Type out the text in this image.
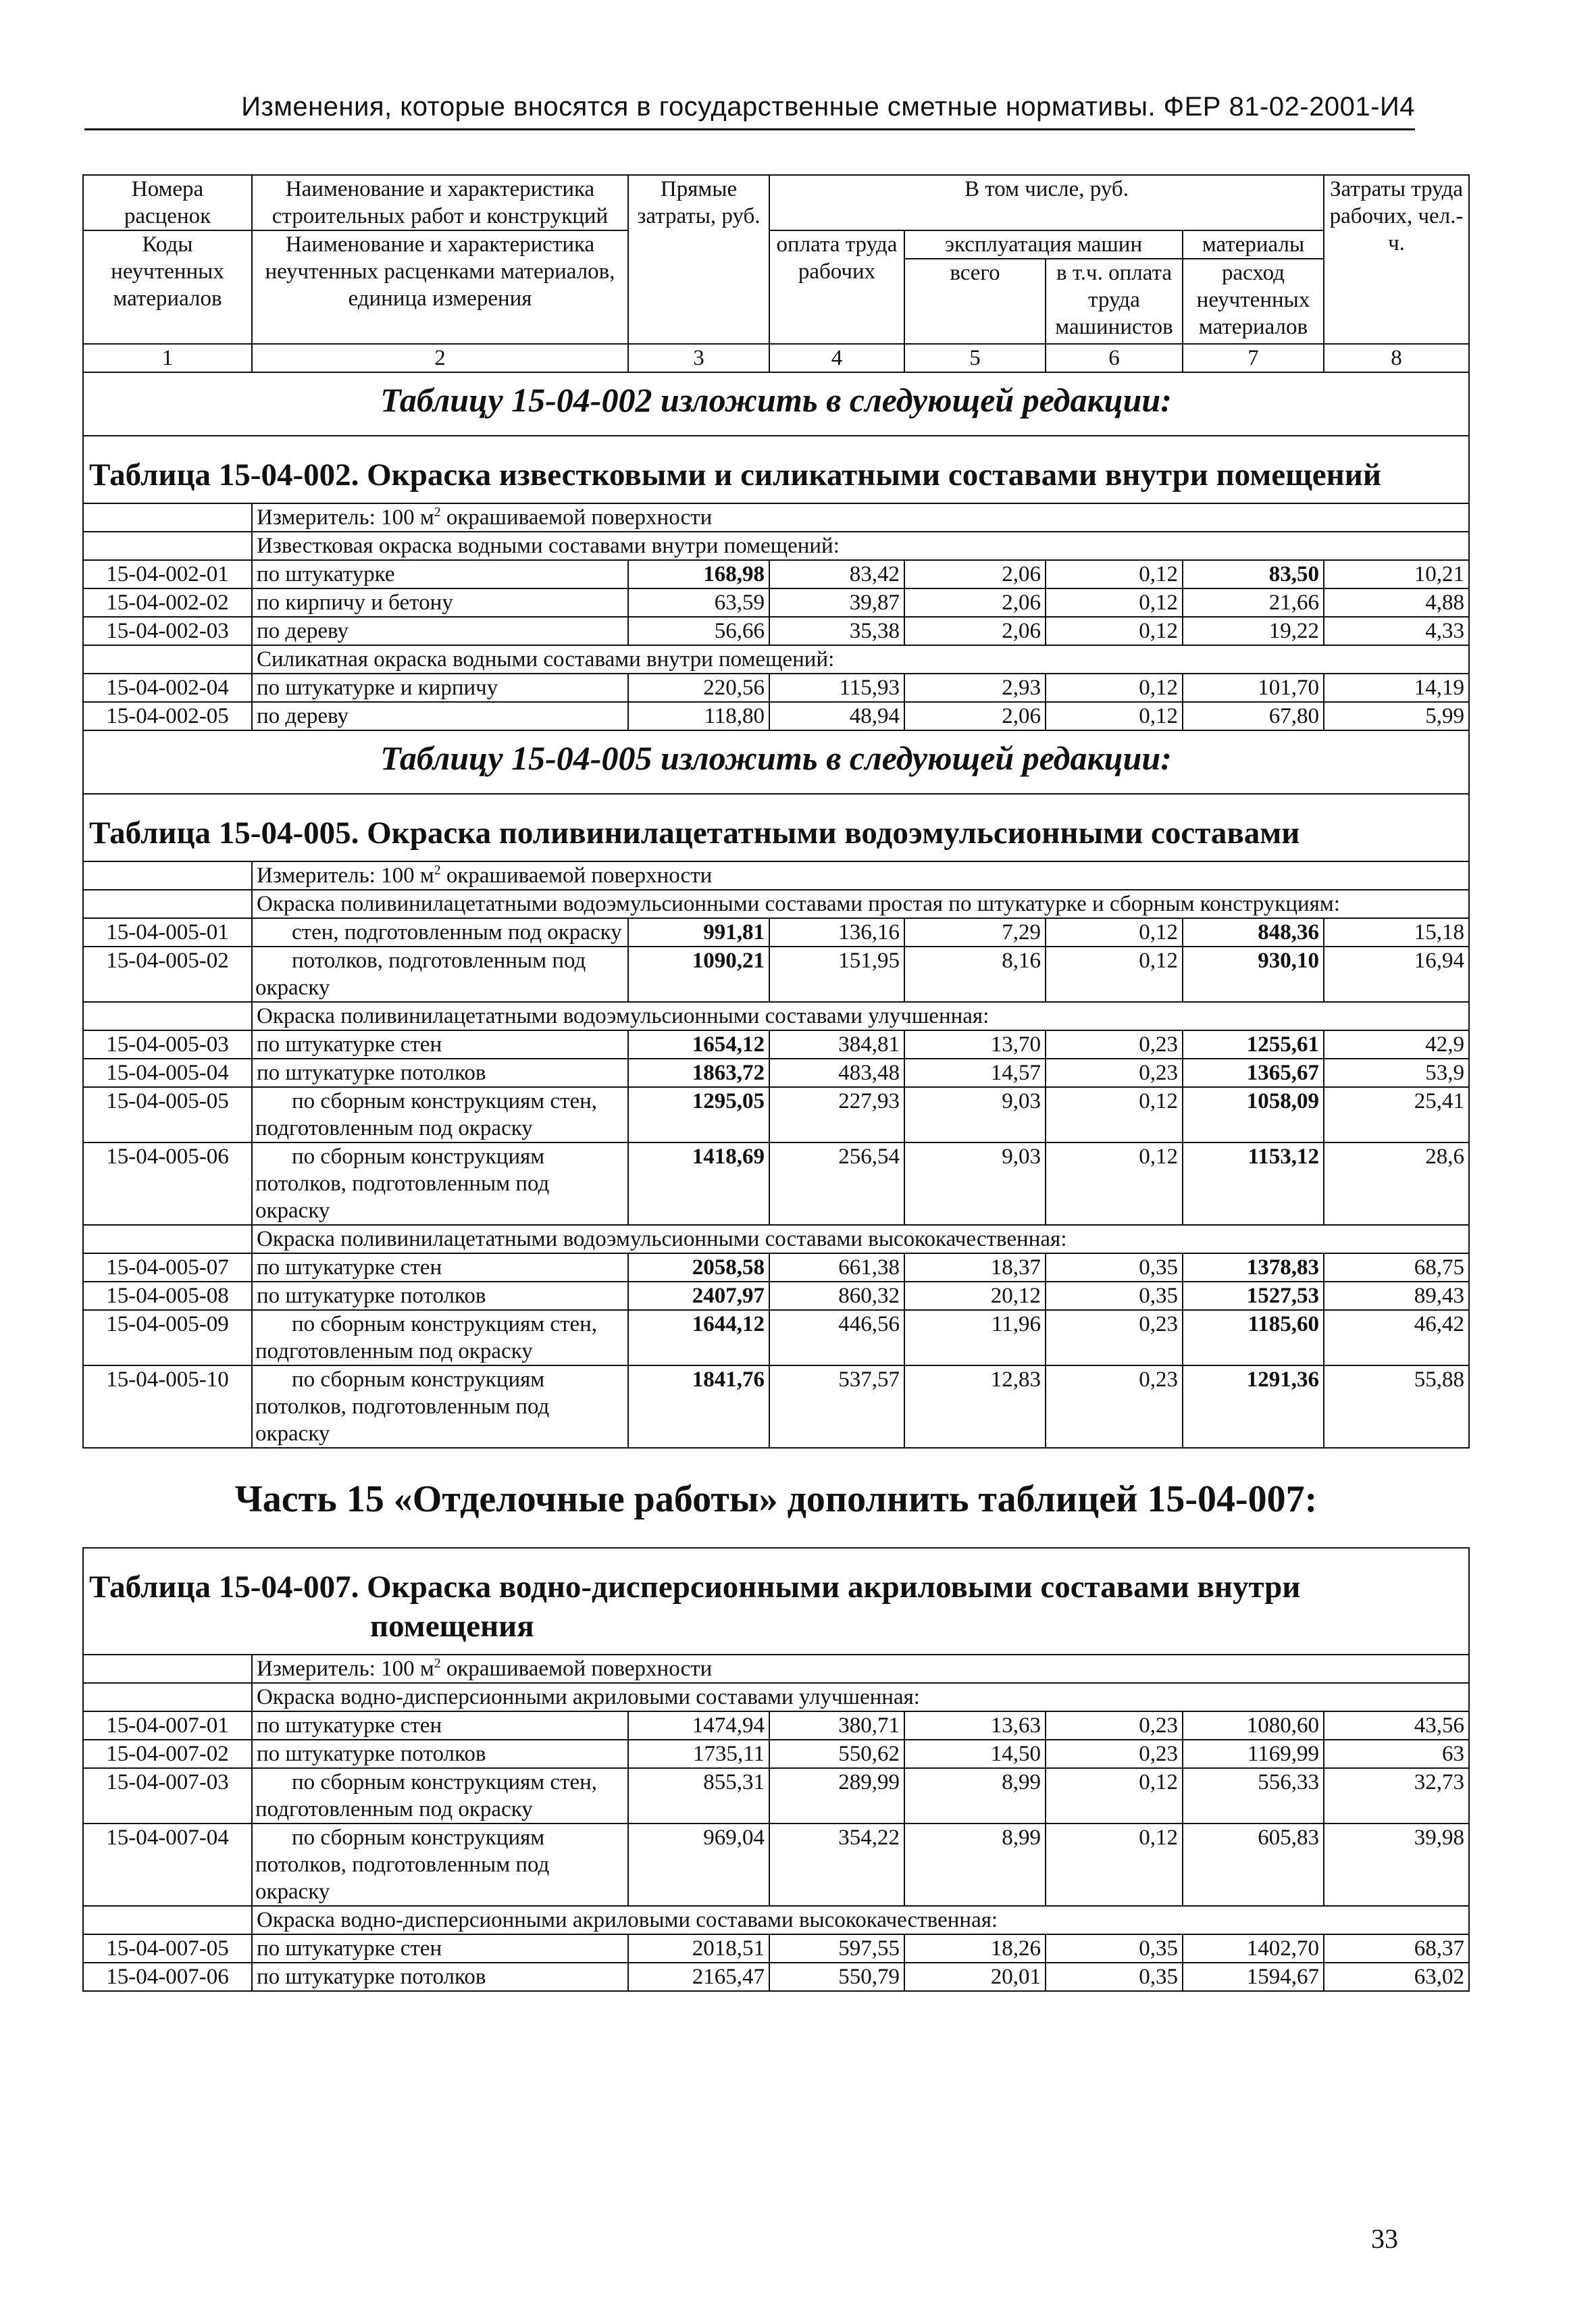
Изменения, которые вносятся в государственные сметные нормативы. ФЕР 81-02-2001-И4
Номера расценок	Наименование и характеристика строительных работ и конструкций	Прямые затраты, руб.	В том числе, руб.				Затраты труда рабочих, чел.-ч.
Коды неучтенных материалов	Наименование и характеристика неучтенных расценками материалов, единица измерения		оплата труда рабочих	эксплуатация машин		материалы	
				всего	в т.ч. оплата труда машинистов	расход неучтенных материалов	
1	2	3	4	5	6	7	8
Таблицу 15-04-002 изложить в следующей редакции:							
Таблица 15-04-002. Окраска известковыми и силикатными составами внутри помещений							
	Измеритель: 100 $м^2$ окрашиваемой поверхности						
	Известковая окраска водными составами внутри помещений:						
15-04-002-01	по штукатурке	168,98	83,42	2,06	0,12	83,50	10,21
15-04-002-02	по кирпичу и бетону	63,59	39,87	2,06	0,12	21,66	4,88
15-04-002-03	по дереву	56,66	35,38	2,06	0,12	19,22	4,33
	Силикатная окраска водными составами внутри помещений:						
15-04-002-04	по штукатурке и кирпичу	220,56	115,93	2,93	0,12	101,70	14,19
15-04-002-05	по дереву	118,80	48,94	2,06	0,12	67,80	5,99
Таблицу 15-04-005 изложить в следующей редакции:							
Таблица 15-04-005. Окраска поливинилацетатными водоэмульсионными составами							
	Измеритель: 100 $м^2$ окрашиваемой поверхности						
	Окраска поливинилацетатными водоэмульсионными составами простая по штукатурке и сборным конструкциям:						
15-04-005-01	стен, подготовленным под окраску	991,81	136,16	7,29	0,12	848,36	15,18
15-04-005-02	потолков, подготовленным под окраску	1090,21	151,95	8,16	0,12	930,10	16,94
	Окраска поливинилацетатными водоэмульсионными составами улучшенная:						
15-04-005-03	по штукатурке стен	1654,12	384,81	13,70	0,23	1255,61	42,9
15-04-005-04	по штукатурке потолков	1863,72	483,48	14,57	0,23	1365,67	53,9
15-04-005-05	по сборным конструкциям стен, подготовленным под окраску	1295,05	227,93	9,03	0,12	1058,09	25,41
15-04-005-06	по сборным конструкциям потолков, подготовленным под окраску	1418,69	256,54	9,03	0,12	1153,12	28,6
	Окраска поливинилацетатными водоэмульсионными составами высококачественная:						
15-04-005-07	по штукатурке стен	2058,58	661,38	18,37	0,35	1378,83	68,75
15-04-005-08	по штукатурке потолков	2407,97	860,32	20,12	0,35	1527,53	89,43
15-04-005-09	по сборным конструкциям стен, подготовленным под окраску	1644,12	446,56	11,96	0,23	1185,60	46,42
15-04-005-10	по сборным конструкциям потолков, подготовленным под окраску	1841,76	537,57	12,83	0,23	1291,36	55,88
Часть 15 «Отделочные работы» дополнить таблицей 15-04-007:							
Таблица 15-04-007. Окраска водно-дисперсионными акриловыми составами внутри помещения							
	Измеритель: 100 $м^2$ окрашиваемой поверхности						
	Окраска водно-дисперсионными акриловыми составами улучшенная:						
15-04-007-01	по штукатурке стен	1474,94	380,71	13,63	0,23	1080,60	43,56
15-04-007-02	по штукатурке потолков	1735,11	550,62	14,50	0,23	1169,99	63
15-04-007-03	по сборным конструкциям стен, подготовленным под окраску	855,31	289,99	8,99	0,12	556,33	32,73
15-04-007-04	по сборным конструкциям потолков, подготовленным под окраску	969,04	354,22	8,99	0,12	605,83	39,98
	Окраска водно-дисперсионными акриловыми составами высококачественная:						
15-04-007-05	по штукатурке стен	2018,51	597,55	18,26	0,35	1402,70	68,37
15-04-007-06	по штукатурке потолков	2165,47	550,79	20,01	0,35	1594,67	63,02
33
